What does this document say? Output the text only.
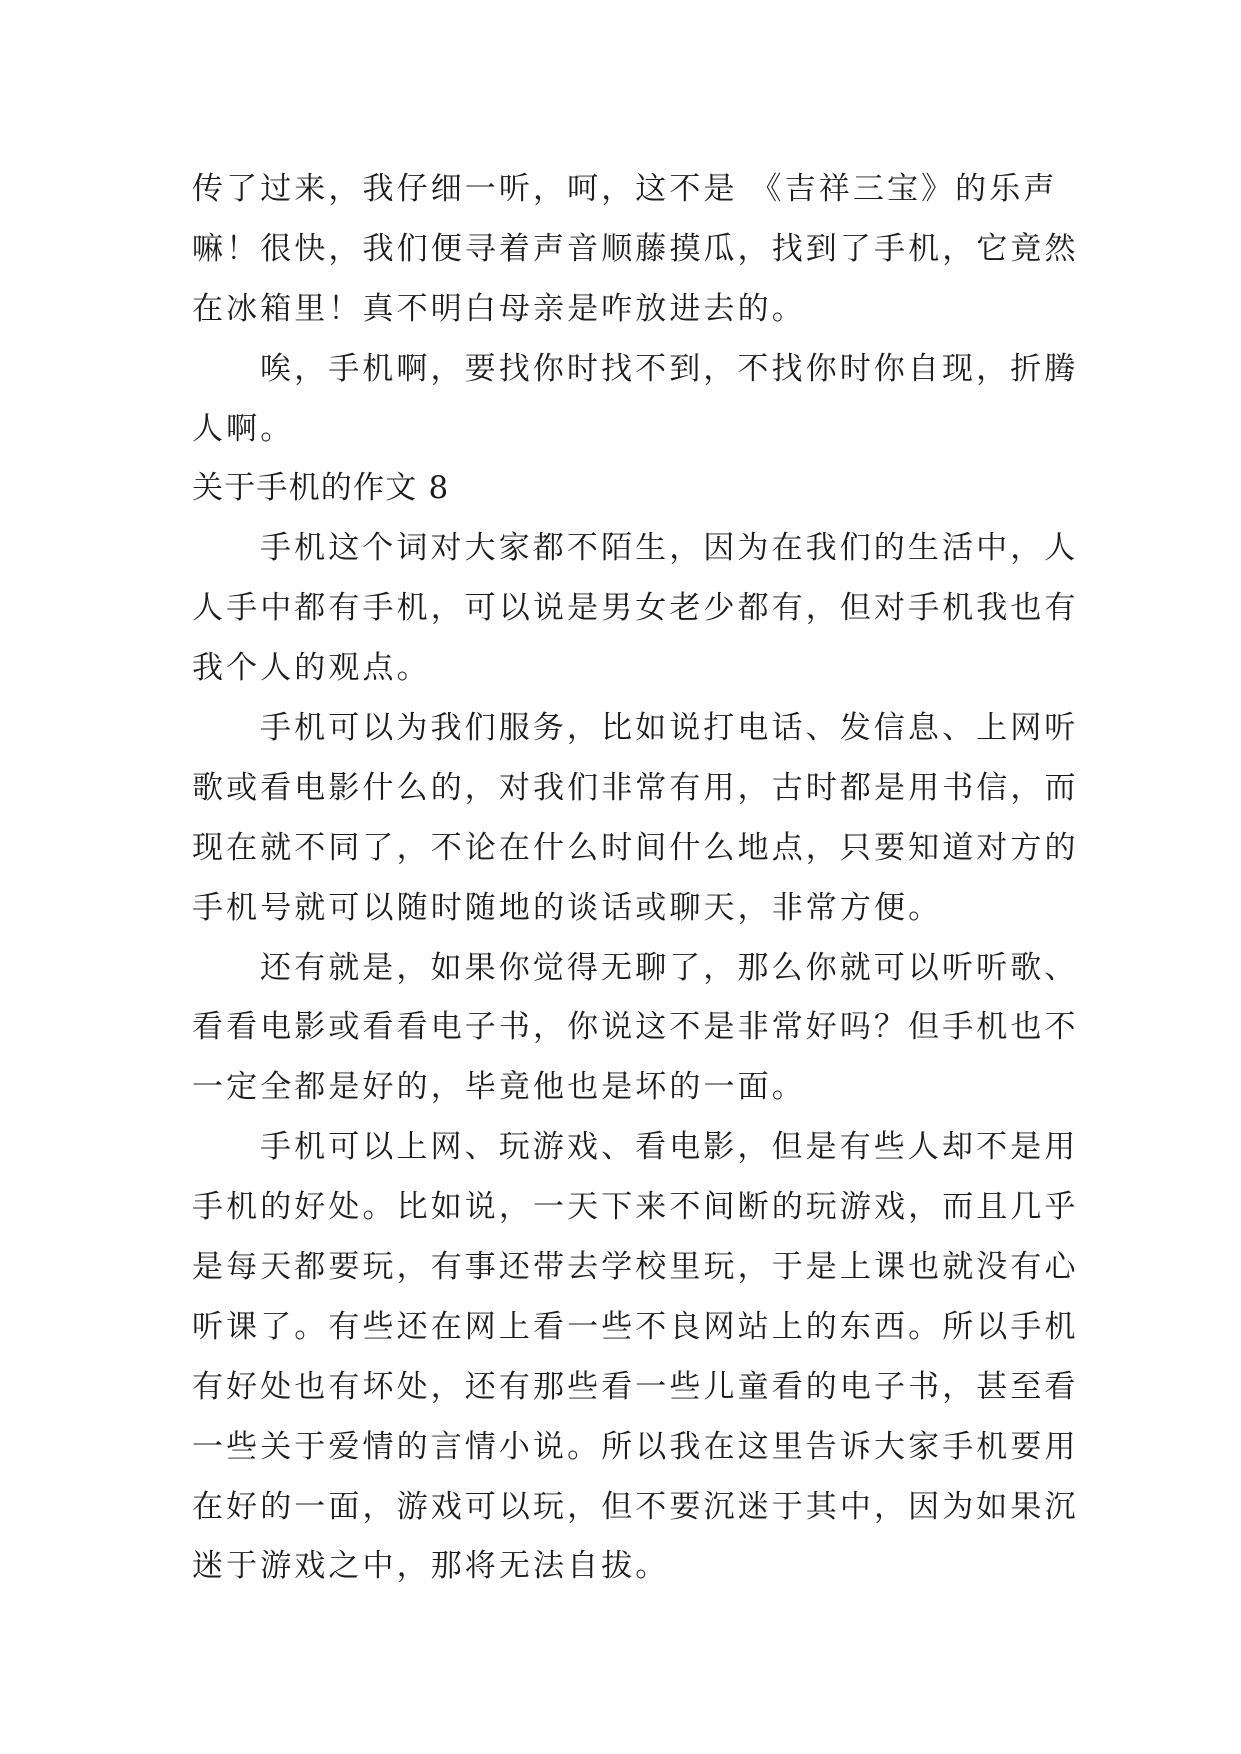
传了过来，我仔细一听，呵，这不是 《吉祥三宝》的乐声
嘛！很快，我们便寻着声音顺藤摸瓜，找到了手机，它竟然
在冰箱里！真不明白母亲是咋放进去的。
唉，手机啊，要找你时找不到，不找你时你自现，折腾
人啊。
关于手机的作文 8
手机这个词对大家都不陌生，因为在我们的生活中，人
人手中都有手机，可以说是男女老少都有，但对手机我也有
我个人的观点。
手机可以为我们服务，比如说打电话、发信息、上网听
歌或看电影什么的，对我们非常有用，古时都是用书信，而
现在就不同了，不论在什么时间什么地点，只要知道对方的
手机号就可以随时随地的谈话或聊天，非常方便。
还有就是，如果你觉得无聊了，那么你就可以听听歌、
看看电影或看看电子书，你说这不是非常好吗？但手机也不
一定全都是好的，毕竟他也是坏的一面。
手机可以上网、玩游戏、看电影，但是有些人却不是用
手机的好处。比如说，一天下来不间断的玩游戏，而且几乎
是每天都要玩，有事还带去学校里玩，于是上课也就没有心
听课了。有些还在网上看一些不良网站上的东西。所以手机
有好处也有坏处，还有那些看一些儿童看的电子书，甚至看
一些关于爱情的言情小说。所以我在这里告诉大家手机要用
在好的一面，游戏可以玩，但不要沉迷于其中，因为如果沉
迷于游戏之中，那将无法自拔。
